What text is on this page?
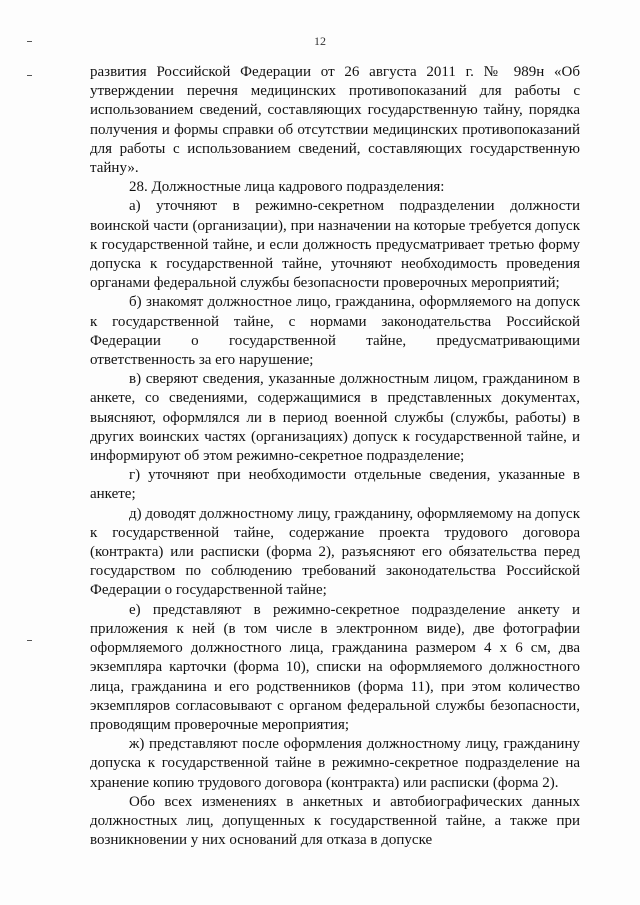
12

развития Российской Федерации от 26 августа 2011 г. № 989н «Об утверждении перечня медицинских противопоказаний для работы с использованием сведений, составляющих государственную тайну, порядка получения и формы справки об отсутствии медицинских противопоказаний для работы с использованием сведений, составляющих государственную тайну».

28. Должностные лица кадрового подразделения:

а) уточняют в режимно-секретном подразделении должности воинской части (организации), при назначении на которые требуется допуск к государственной тайне, и если должность предусматривает третью форму допуска к государственной тайне, уточняют необходимость проведения органами федеральной службы безопасности проверочных мероприятий;

б) знакомят должностное лицо, гражданина, оформляемого на допуск к государственной тайне, с нормами законодательства Российской Федерации о государственной тайне, предусматривающими ответственность за его нарушение;

в) сверяют сведения, указанные должностным лицом, гражданином в анкете, со сведениями, содержащимися в представленных документах, выясняют, оформлялся ли в период военной службы (службы, работы) в других воинских частях (организациях) допуск к государственной тайне, и информируют об этом режимно-секретное подразделение;

г) уточняют при необходимости отдельные сведения, указанные в анкете;

д) доводят должностному лицу, гражданину, оформляемому на допуск к государственной тайне, содержание проекта трудового договора (контракта) или расписки (форма 2), разъясняют его обязательства перед государством по соблюдению требований законодательства Российской Федерации о государственной тайне;

е) представляют в режимно-секретное подразделение анкету и приложения к ней (в том числе в электронном виде), две фотографии оформляемого должностного лица, гражданина размером 4 х 6 см, два экземпляра карточки (форма 10), списки на оформляемого должностного лица, гражданина и его родственников (форма 11), при этом количество экземпляров согласовывают с органом федеральной службы безопасности, проводящим проверочные мероприятия;

ж) представляют после оформления должностному лицу, гражданину допуска к государственной тайне в режимно-секретное подразделение на хранение копию трудового договора (контракта) или расписки (форма 2).

Обо всех изменениях в анкетных и автобиографических данных должностных лиц, допущенных к государственной тайне, а также при возникновении у них оснований для отказа в допуске
